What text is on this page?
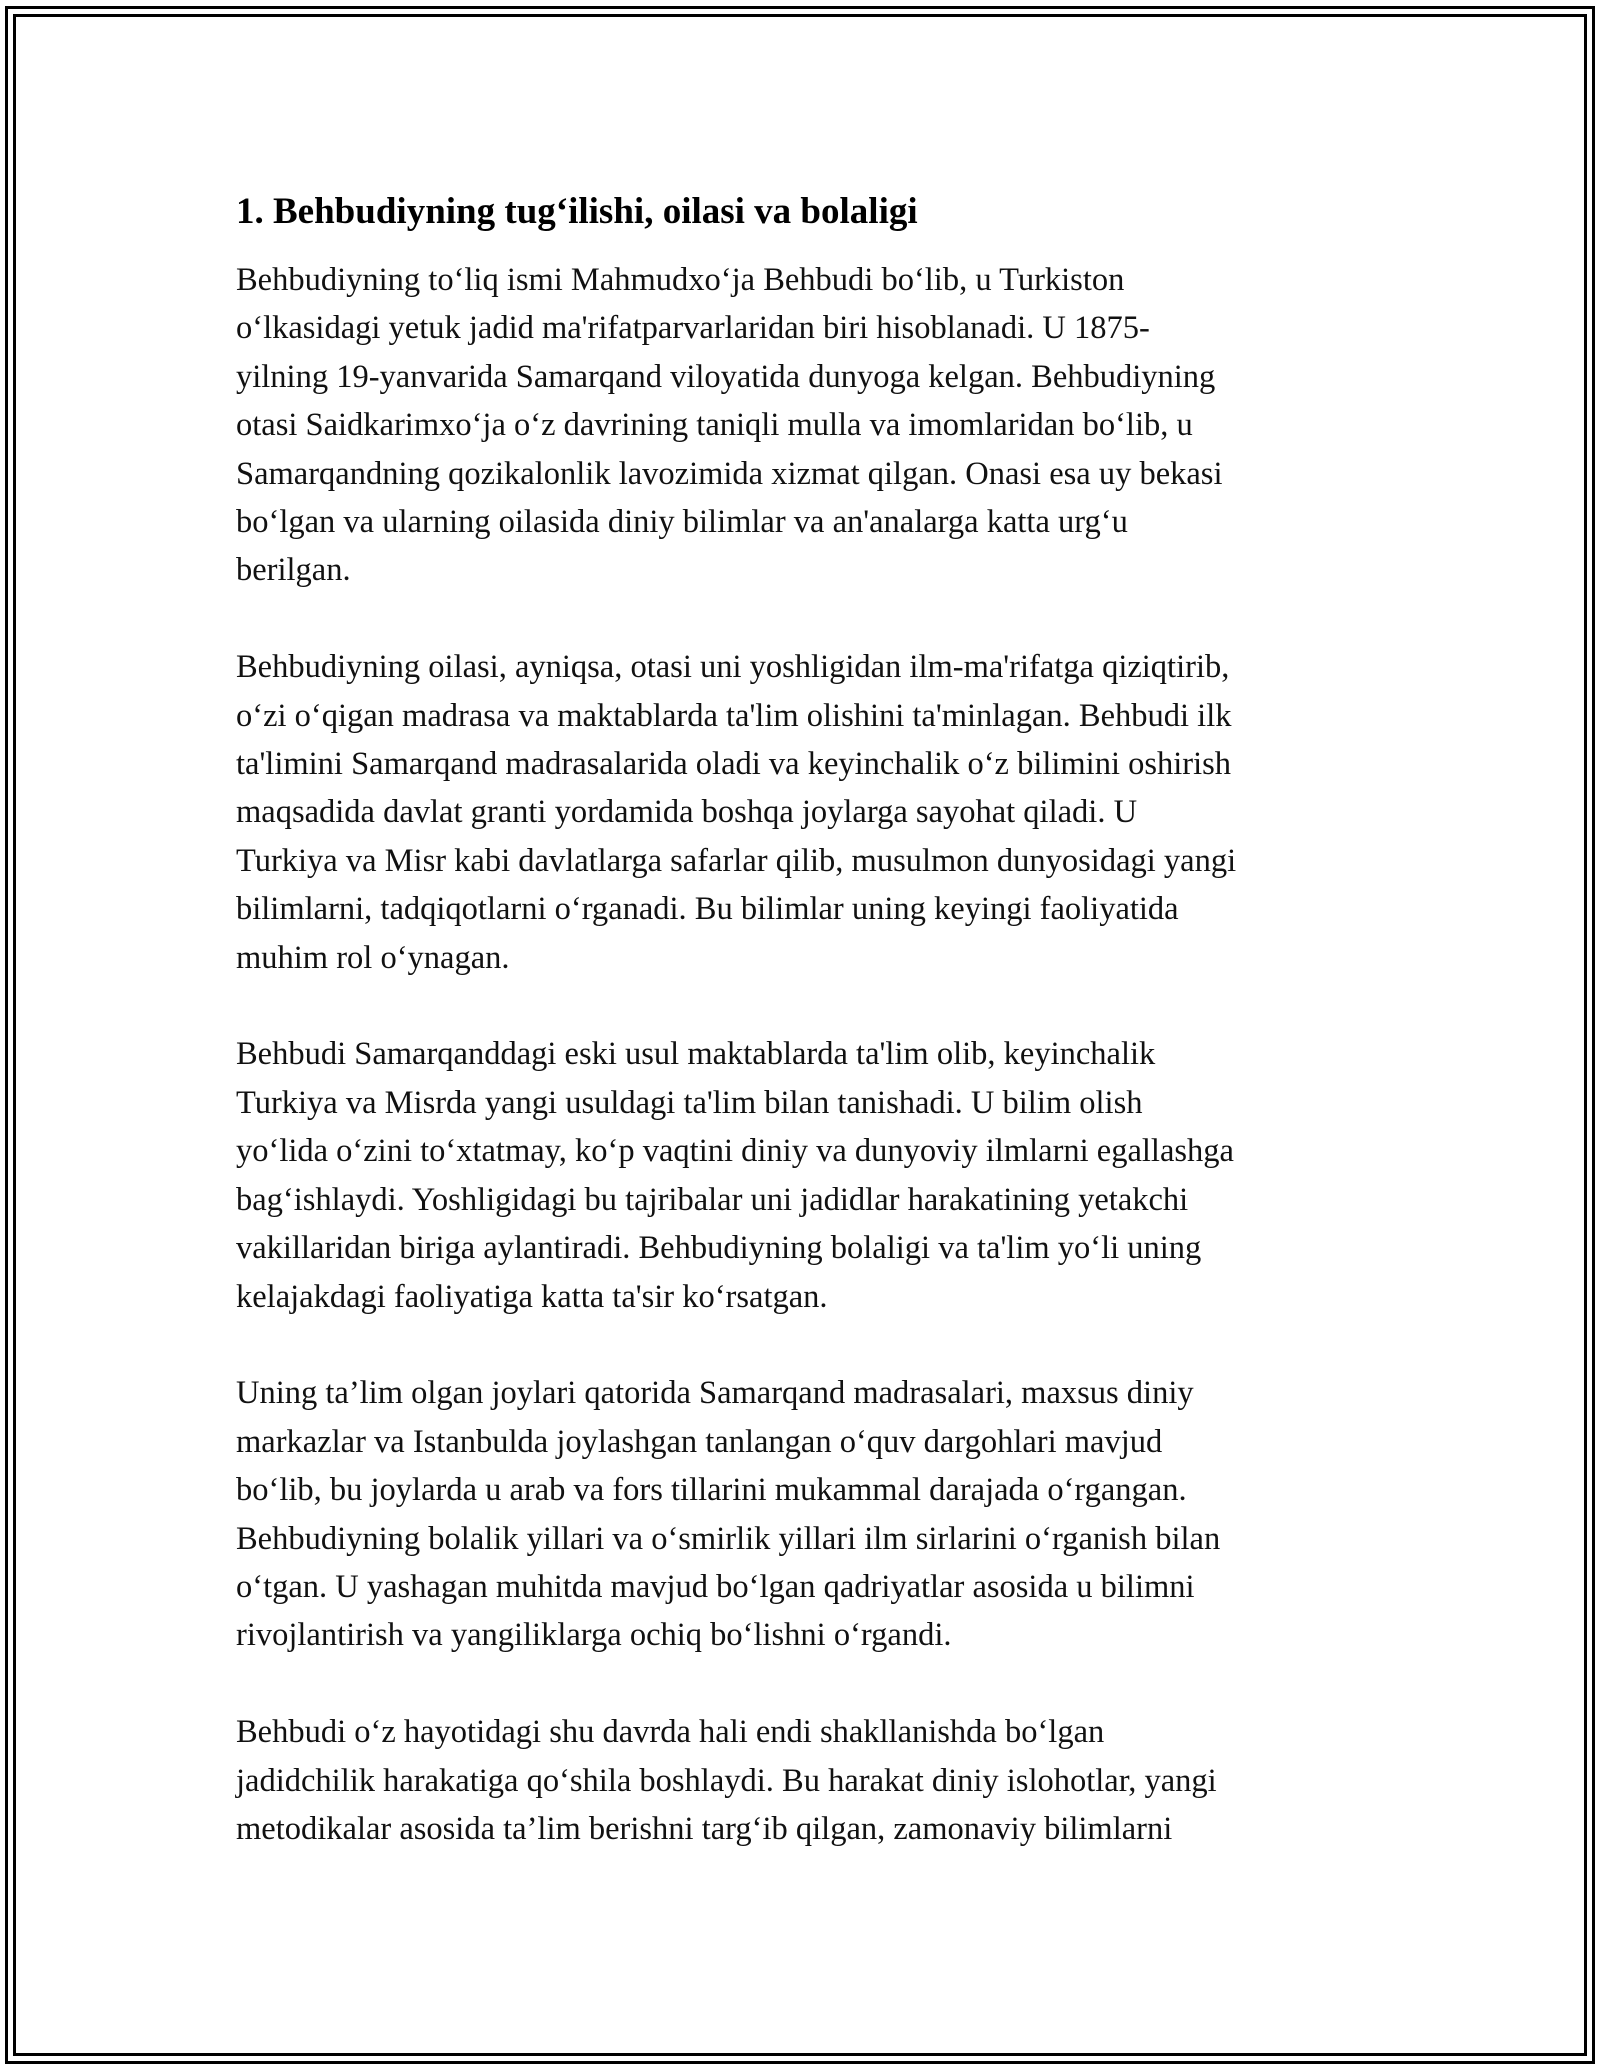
1. Behbudiyning tug‘ilishi, oilasi va bolaligi

Behbudiyning to‘liq ismi Mahmudxo‘ja Behbudi bo‘lib, u Turkiston
o‘lkasidagi yetuk jadid ma'rifatparvarlaridan biri hisoblanadi. U 1875-
yilning 19-yanvarida Samarqand viloyatida dunyoga kelgan. Behbudiyning
otasi Saidkarimxo‘ja o‘z davrining taniqli mulla va imomlaridan bo‘lib, u
Samarqandning qozikalonlik lavozimida xizmat qilgan. Onasi esa uy bekasi
bo‘lgan va ularning oilasida diniy bilimlar va an'analarga katta urg‘u
berilgan.

Behbudiyning oilasi, ayniqsa, otasi uni yoshligidan ilm-ma'rifatga qiziqtirib,
o‘zi o‘qigan madrasa va maktablarda ta'lim olishini ta'minlagan. Behbudi ilk
ta'limini Samarqand madrasalarida oladi va keyinchalik o‘z bilimini oshirish
maqsadida davlat granti yordamida boshqa joylarga sayohat qiladi. U
Turkiya va Misr kabi davlatlarga safarlar qilib, musulmon dunyosidagi yangi
bilimlarni, tadqiqotlarni o‘rganadi. Bu bilimlar uning keyingi faoliyatida
muhim rol o‘ynagan.

Behbudi Samarqanddagi eski usul maktablarda ta'lim olib, keyinchalik
Turkiya va Misrda yangi usuldagi ta'lim bilan tanishadi. U bilim olish
yo‘lida o‘zini to‘xtatmay, ko‘p vaqtini diniy va dunyoviy ilmlarni egallashga
bag‘ishlaydi. Yoshligidagi bu tajribalar uni jadidlar harakatining yetakchi
vakillaridan biriga aylantiradi. Behbudiyning bolaligi va ta'lim yo‘li uning
kelajakdagi faoliyatiga katta ta'sir ko‘rsatgan.

Uning ta’lim olgan joylari qatorida Samarqand madrasalari, maxsus diniy
markazlar va Istanbulda joylashgan tanlangan o‘quv dargohlari mavjud
bo‘lib, bu joylarda u arab va fors tillarini mukammal darajada o‘rgangan.
Behbudiyning bolalik yillari va o‘smirlik yillari ilm sirlarini o‘rganish bilan
o‘tgan. U yashagan muhitda mavjud bo‘lgan qadriyatlar asosida u bilimni
rivojlantirish va yangiliklarga ochiq bo‘lishni o‘rgandi.

Behbudi o‘z hayotidagi shu davrda hali endi shakllanishda bo‘lgan
jadidchilik harakatiga qo‘shila boshlaydi. Bu harakat diniy islohotlar, yangi
metodikalar asosida ta’lim berishni targ‘ib qilgan, zamonaviy bilimlarni
